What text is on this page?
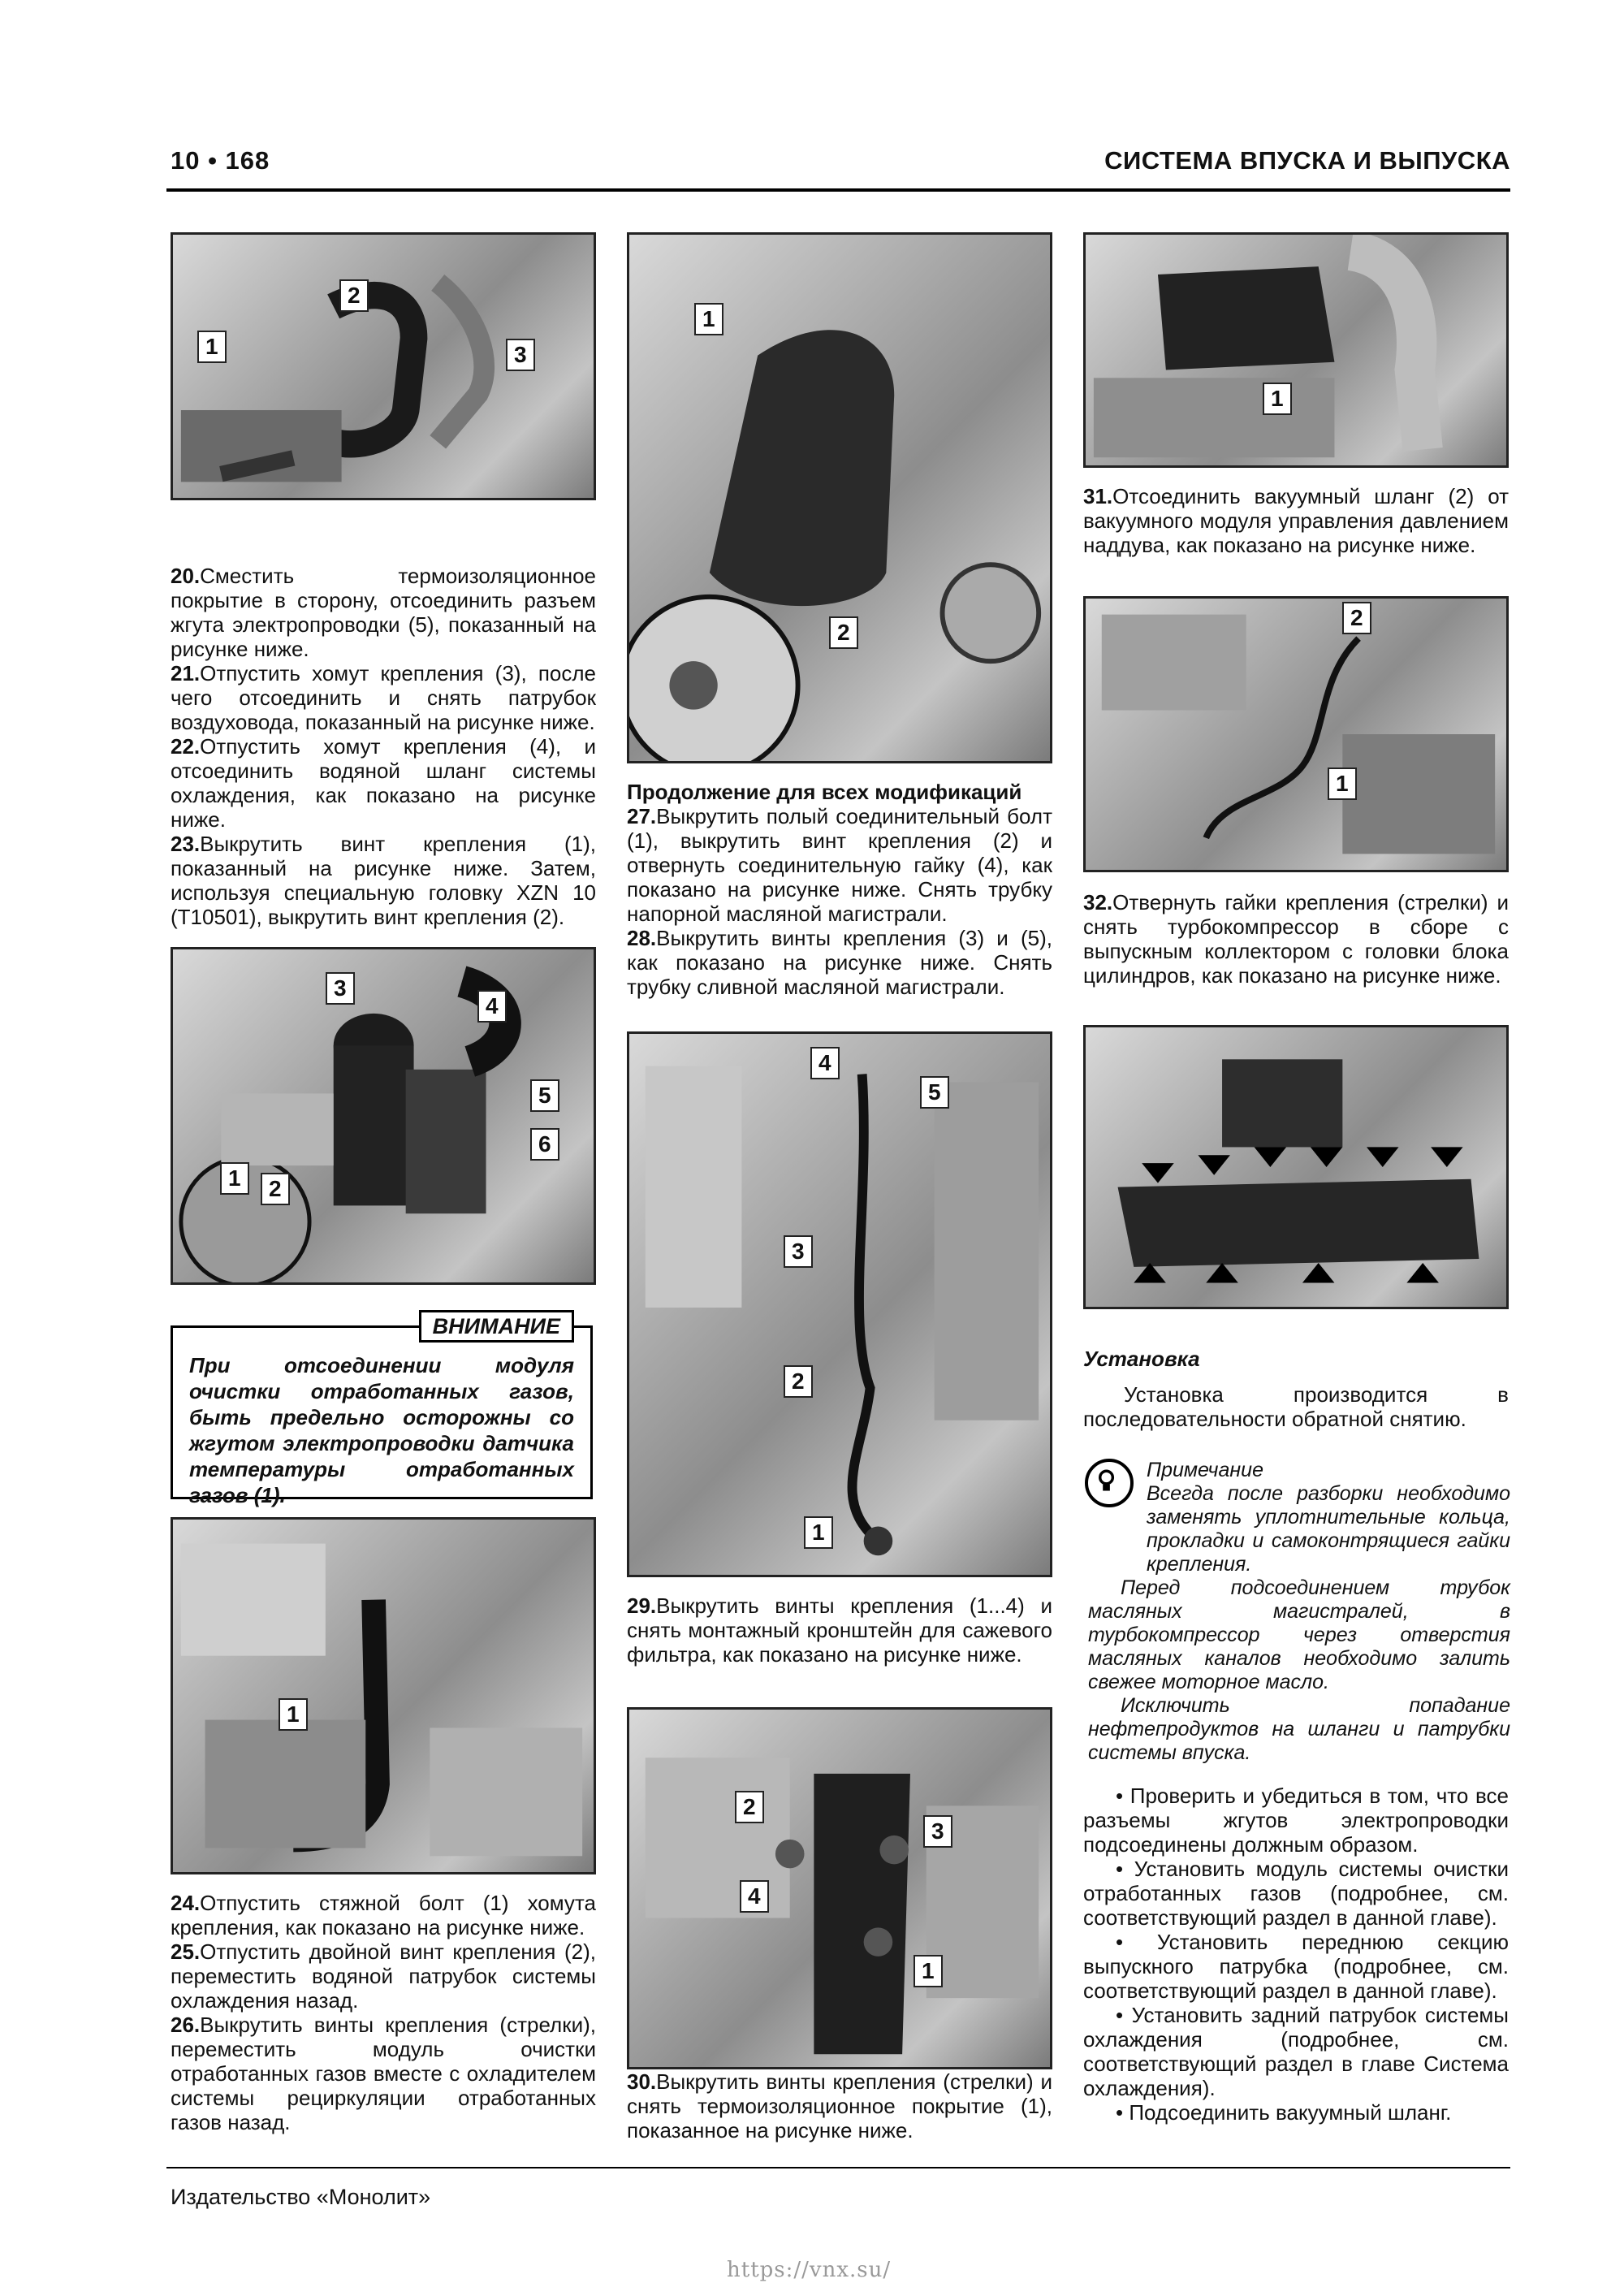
10 • 168	СИСТЕМА ВПУСКА И ВЫПУСКА
2
1	3

20.Сместить термоизоляционное покрытие в сторону, отсоединить разъем жгута электропроводки (5), показанный на рисунке ниже.

21.Отпустить хомут крепления (3), после чего отсоединить и снять патрубок воздуховода, показанный на рисунке ниже.

22.Отпустить хомут крепления (4), и отсоединить водяной шланг системы охлаждения, как показано на рисунке ниже.

23.Выкрутить винт крепления (1), показанный на рисунке ниже. Затем, используя специальную головку XZN 10 (T10501), выкрутить винт крепления (2).

3
4
5
6
1	2
ВНИМАНИЕ
При отсоединении модуля очистки отработанных газов, быть предельно осторожны со жгутом электропроводки датчика температуры отработанных газов (1).
1

24.Отпустить стяжной болт (1) хомута крепления, как показано на рисунке ниже.

25.Отпустить двойной винт крепления (2), переместить водяной патрубок системы охлаждения назад.

26.Выкрутить винты крепления (стрелки), переместить модуль очистки отработанных газов вместе с охладителем системы рециркуляции отработанных газов назад.

1
2

Продолжение для всех модификаций

27.Выкрутить полый соединительный болт (1), выкрутить винт крепления (2) и отвернуть соединительную гайку (4), как показано на рисунке ниже. Снять трубку напорной масляной магистрали.

28.Выкрутить винты крепления (3) и (5), как показано на рисунке ниже. Снять трубку сливной масляной магистрали.

4
5
3
2
1

29.Выкрутить винты крепления (1...4) и снять монтажный кронштейн для сажевого фильтра, как показано на рисунке ниже.

2
3
4
1

30.Выкрутить винты крепления (стрелки) и снять термоизоляционное покрытие (1), показанное на рисунке ниже.

1

31.Отсоединить вакуумный шланг (2) от вакуумного модуля управления давлением наддува, как показано на рисунке ниже.

2
1

32.Отвернуть гайки крепления (стрелки) и снять турбокомпрессор в сборе с выпускным коллектором с головки блока цилиндров, как показано на рисунке ниже.

Установка

Установка производится в последовательности обратной снятию.

Примечание

Всегда после разборки необходимо заменять уплотнительные кольца, прокладки и самоконтрящиеся гайки крепления.

Перед подсоединением трубок масляных магистралей, в турбокомпрессор через отверстия масляных каналов необходимо залить свежее моторное масло.

Исключить попадание нефтепродуктов на шланги и патрубки системы впуска.

• Проверить и убедиться в том, что все разъемы жгутов электропроводки подсоединены должным образом.

• Установить модуль системы очистки отработанных газов (подробнее, см. соответствующий раздел в данной главе).

• Установить переднюю секцию выпускного патрубка (подробнее, см. соответствующий раздел в данной главе).

• Установить задний патрубок системы охлаждения (подробнее, см. соответствующий раздел в главе Система охлаждения).

• Подсоединить вакуумный шланг.

Издательство «Монолит»
https://vnx.su/
